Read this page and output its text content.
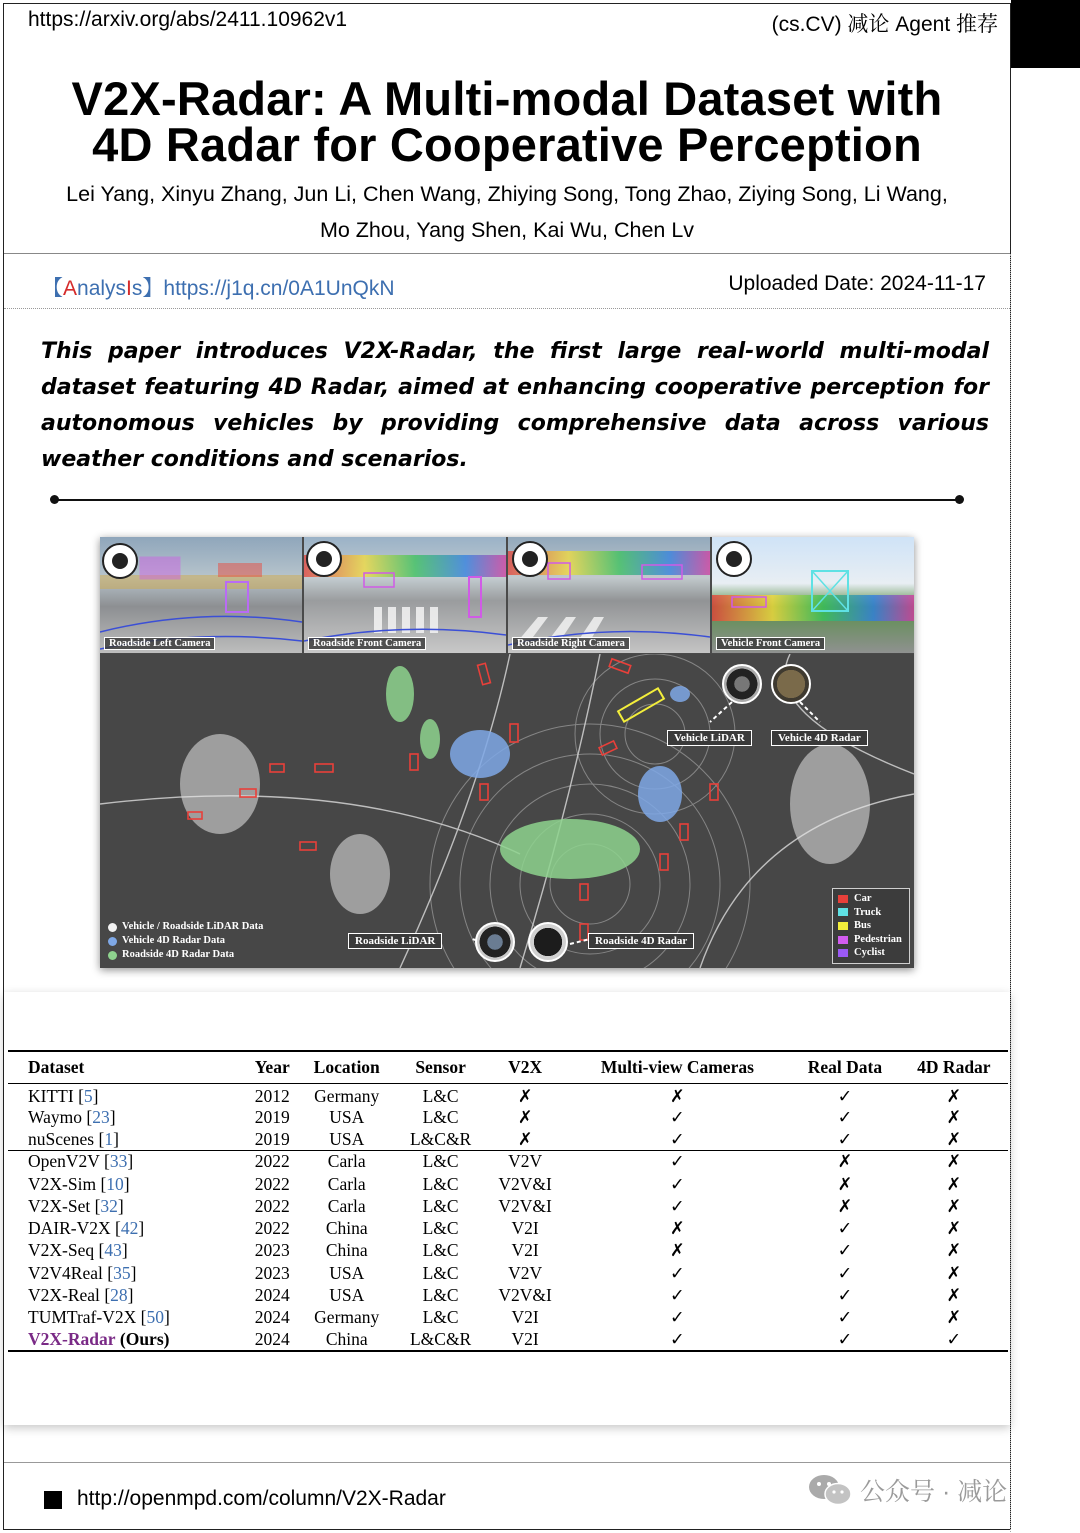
https://arxiv.org/abs/2411.10962v1	(cs.CV) 减论 Agent 推荐
V2X-Radar: A Multi-modal Dataset with
4D Radar for Cooperative Perception
Lei Yang, Xinyu Zhang, Jun Li, Chen Wang, Zhiying Song, Tong Zhao, Ziying Song, Li Wang,
Mo Zhou, Yang Shen, Kai Wu, Chen Lv
【AnalysIs】https://j1q.cn/0A1UnQkN	Uploaded Date: 2024-11-17
This paper introduces V2X-Radar, the first large real-world multi-modal dataset featuring 4D Radar, aimed at enhancing cooperative perception for autonomous vehicles by providing comprehensive data across various weather conditions and scenarios.
Roadside Left Camera	Roadside Front Camera	Roadside Right Camera	Vehicle Front Camera
Vehicle LiDAR	Vehicle 4D Radar
Roadside LiDAR	Roadside 4D Radar
Vehicle / Roadside LiDAR Data
Vehicle 4D Radar Data
Roadside 4D Radar Data
Car
Truck
Bus
Pedestrian
Cyclist
Dataset	Year	Location	Sensor	V2X	Multi-view Cameras	Real Data	4D Radar
KITTI [5]	2012	Germany	L&C	✗	✗	✓	✗
Waymo [23]	2019	USA	L&C	✗	✓	✓	✗
nuScenes [1]	2019	USA	L&C&R	✗	✓	✓	✗
OpenV2V [33]	2022	Carla	L&C	V2V	✓	✗	✗
V2X-Sim [10]	2022	Carla	L&C	V2V&I	✓	✗	✗
V2X-Set [32]	2022	Carla	L&C	V2V&I	✓	✗	✗
DAIR-V2X [42]	2022	China	L&C	V2I	✗	✓	✗
V2X-Seq [43]	2023	China	L&C	V2I	✗	✓	✗
V2V4Real [35]	2023	USA	L&C	V2V	✓	✓	✗
V2X-Real [28]	2024	USA	L&C	V2V&I	✓	✓	✗
TUMTraf-V2X [50]	2024	Germany	L&C	V2I	✓	✓	✗
V2X-Radar (Ours)	2024	China	L&C&R	V2I	✓	✓	✓
http://openmpd.com/column/V2X-Radar	公众号 · 减论
